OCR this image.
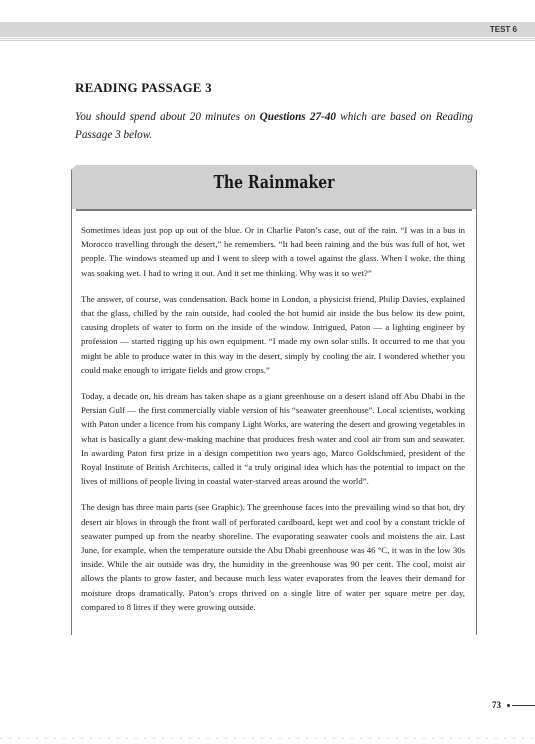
TEST 6
READING PASSAGE 3
You should spend about 20 minutes on Questions 27-40 which are based on Reading Passage 3 below.
The Rainmaker

Sometimes ideas just pop up out of the blue. Or in Charlie Paton’s case, out of the rain. “I was in a bus in Morocco travelling through the desert,” he remembers. “It had been raining and the bus was full of hot, wet people. The windows steamed up and I went to sleep with a towel against the glass. When I woke, the thing was soaking wet. I had to wring it out. And it set me thinking. Why was it so wet?”

The answer, of course, was condensation. Back home in London, a physicist friend, Philip Davies, explained that the glass, chilled by the rain outside, had cooled the hot humid air inside the bus below its dew point, causing droplets of water to form on the inside of the window. Intrigued, Paton — a lighting engineer by profession — started rigging up his own equipment. “I made my own solar stills. It occurred to me that you might be able to produce water in this way in the desert, simply by cooling the air. I wondered whether you could make enough to irrigate fields and grow crops.”

Today, a decade on, his dream has taken shape as a giant greenhouse on a desert island off Abu Dhabi in the Persian Gulf — the first commercially viable version of his “seawater greenhouse”. Local scientists, working with Paton under a licence from his company Light Works, are watering the desert and growing vegetables in what is basically a giant dew-making machine that produces fresh water and cool air from sun and seawater. In awarding Paton first prize in a design competition two years ago, Marco Goldschmied, president of the Royal Institute of British Architects, called it “a truly original idea which has the potential to impact on the lives of millions of people living in coastal water-starved areas around the world”.

The design has three main parts (see Graphic). The greenhouse faces into the prevailing wind so that hot, dry desert air blows in through the front wall of perforated cardboard, kept wet and cool by a constant trickle of seawater pumped up from the nearby shoreline. The evaporating seawater cools and moistens the air. Last June, for example, when the temperature outside the Abu Dhabi greenhouse was 46 °C, it was in the low 30s inside. While the air outside was dry, the humidity in the greenhouse was 90 per cent. The cool, moist air allows the plants to grow faster, and because much less water evaporates from the leaves their demand for moisture drops dramatically. Paton’s crops thrived on a single litre of water per square metre per day, compared to 8 litres if they were growing outside.

73
